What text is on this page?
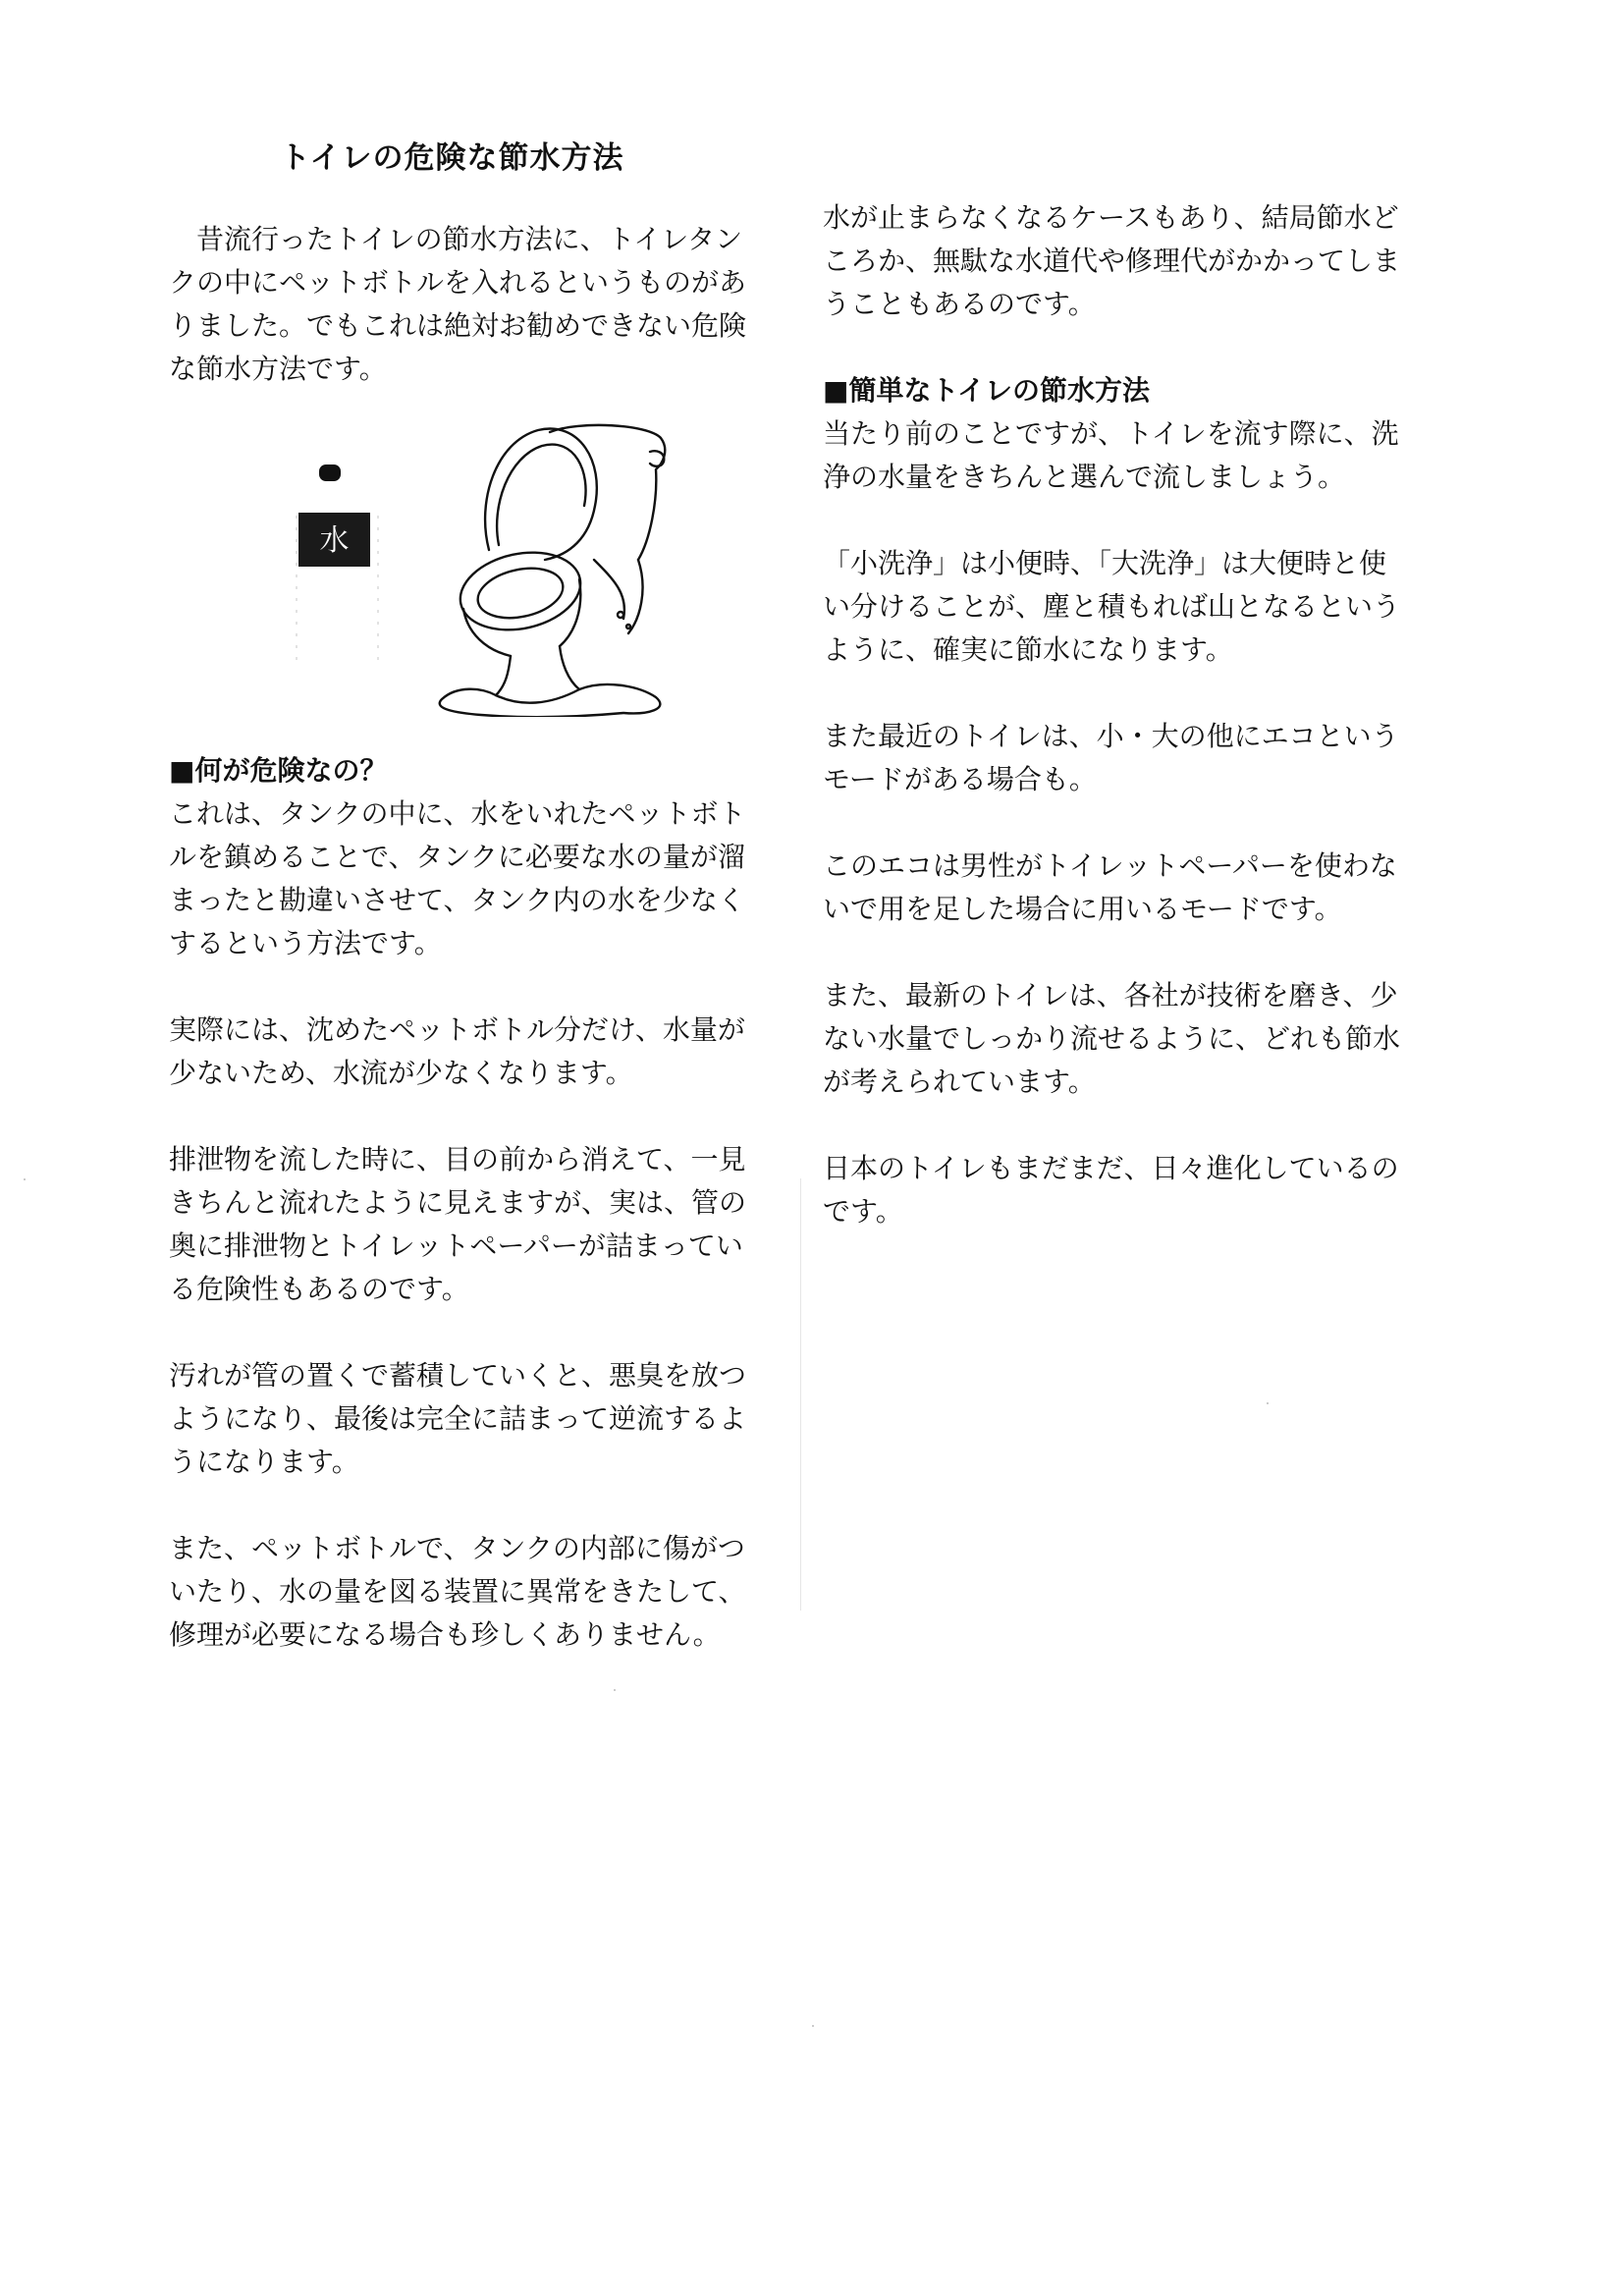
トイレの危険な節水方法
水

昔流行ったトイレの節水方法に、トイレタン
クの中にペットボトルを入れるというものがあ
りました。でもこれは絶対お勧めできない危険
な節水方法です。

■何が危険なの？

これは、タンクの中に、水をいれたペットボト
ルを鎮めることで、タンクに必要な水の量が溜
まったと勘違いさせて、タンク内の水を少なく
するという方法です。

実際には、沈めたペットボトル分だけ、水量が
少ないため、水流が少なくなります。

排泄物を流した時に、目の前から消えて、一見
きちんと流れたように見えますが、実は、管の
奥に排泄物とトイレットペーパーが詰まってい
る危険性もあるのです。

汚れが管の置くで蓄積していくと、悪臭を放つ
ようになり、最後は完全に詰まって逆流するよ
うになります。

また、ペットボトルで、タンクの内部に傷がつ
いたり、水の量を図る装置に異常をきたして、
修理が必要になる場合も珍しくありません。

水が止まらなくなるケースもあり、結局節水ど
ころか、無駄な水道代や修理代がかかってしま
うこともあるのです。

■簡単なトイレの節水方法

当たり前のことですが、トイレを流す際に、洗
浄の水量をきちんと選んで流しましょう。

「小洗浄」は小便時、「大洗浄」は大便時と使
い分けることが、塵と積もれば山となるという
ように、確実に節水になります。

また最近のトイレは、小・大の他にエコという
モードがある場合も。

このエコは男性がトイレットペーパーを使わな
いで用を足した場合に用いるモードです。

また、最新のトイレは、各社が技術を磨き、少
ない水量でしっかり流せるように、どれも節水
が考えられています。

日本のトイレもまだまだ、日々進化しているの
です。
